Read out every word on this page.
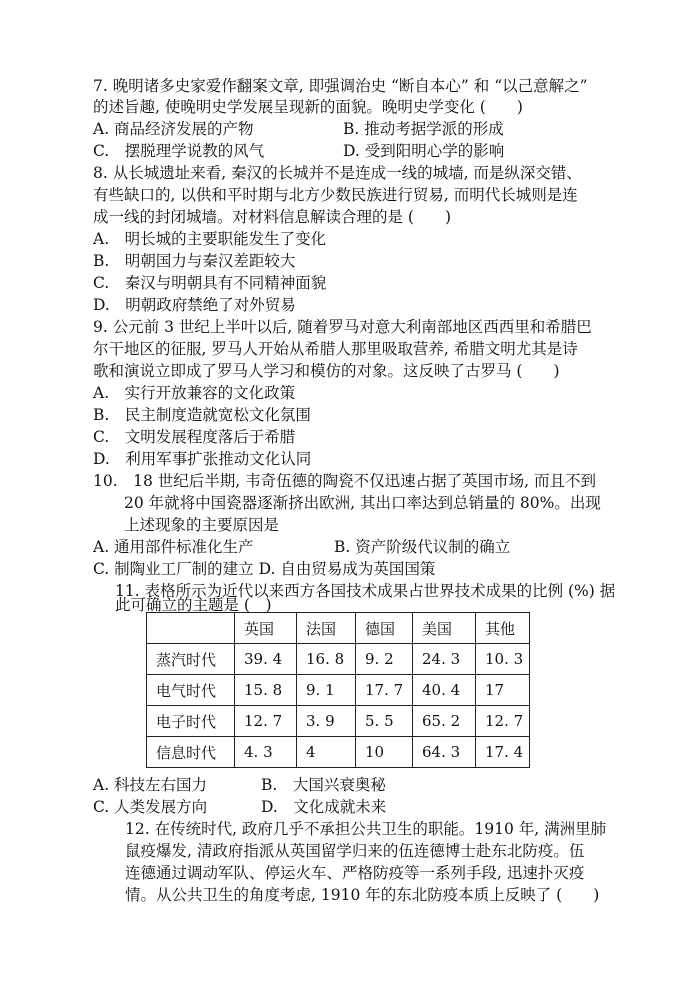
7. 晚明诸多史家爱作翻案文章, 即强调治史 “断自本心” 和 “以己意解之”
的述旨趣, 使晚明史学发展呈现新的面貌。晚明史学变化 (　　)
A. 商品经济发展的产物	B. 推动考据学派的形成
C.　摆脱理学说教的风气	D. 受到阳明心学的影响
8. 从长城遗址来看, 秦汉的长城并不是连成一线的城墙, 而是纵深交错、
有些缺口的, 以供和平时期与北方少数民族进行贸易, 而明代长城则是连
成一线的封闭城墙。对材料信息解读合理的是 (　　)
A.　明长城的主要职能发生了变化
B.　明朝国力与秦汉差距较大
C.　秦汉与明朝具有不同精神面貌
D.　明朝政府禁绝了对外贸易
9. 公元前 3 世纪上半叶以后, 随着罗马对意大利南部地区西西里和希腊巴
尔干地区的征服, 罗马人开始从希腊人那里吸取营养, 希腊文明尤其是诗
歌和演说立即成了罗马人学习和模仿的对象。这反映了古罗马 (　　)
A.　实行开放兼容的文化政策
B.　民主制度造就宽松文化氛围
C.　文明发展程度落后于希腊
D.　利用军事扩张推动文化认同
10.　18 世纪后半期, 韦奇伍德的陶瓷不仅迅速占据了英国市场, 而且不到
20 年就将中国瓷器逐渐挤出欧洲, 其出口率达到总销量的 80%。出现
上述现象的主要原因是
A. 通用部件标准化生产	B. 资产阶级代议制的确立
C. 制陶业工厂制的建立 D. 自由贸易成为英国国策
11. 表格所示为近代以来西方各国技术成果占世界技术成果的比例 (%) 据
此可确立的主题是 (　)
	英国	法国	德国	美国	其他
蒸汽时代	39. 4	16. 8	9. 2	24. 3	10. 3
电气时代	15. 8	9. 1	17. 7	40. 4	17
电子时代	12. 7	3. 9	5. 5	65. 2	12. 7
信息时代	4. 3	4	10	64. 3	17. 4
A. 科技左右国力	B.　大国兴衰奥秘
C. 人类发展方向	D.　文化成就未来
12. 在传统时代, 政府几乎不承担公共卫生的职能。1910 年, 满洲里肺
鼠疫爆发, 清政府指派从英国留学归来的伍连德博士赴东北防疫。伍
连德通过调动军队、停运火车、严格防疫等一系列手段, 迅速扑灭疫
情。从公共卫生的角度考虑, 1910 年的东北防疫本质上反映了 (　　)
